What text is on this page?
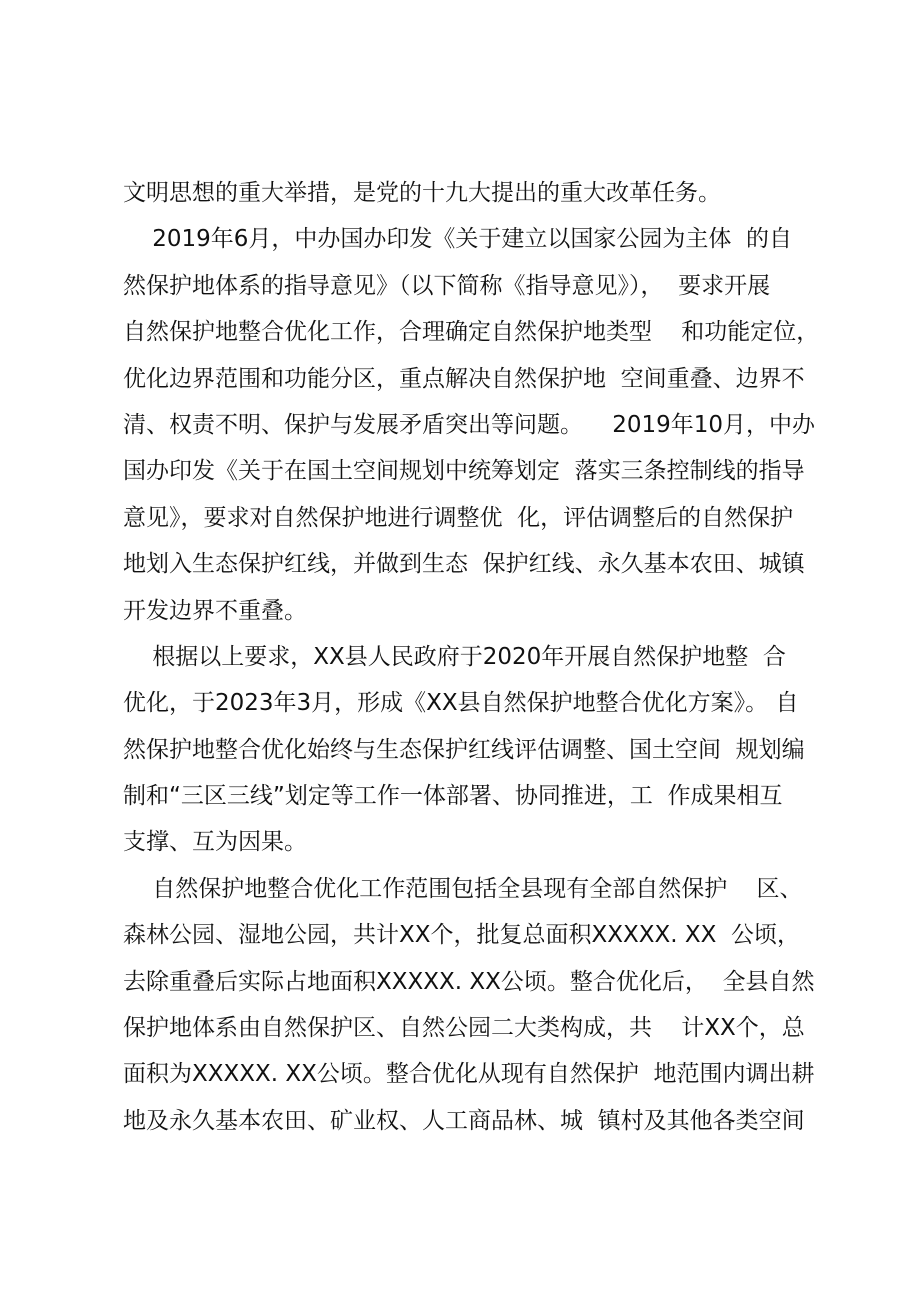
文明思想的重大举措，是党的十九大提出的重大改革任务。
2019年6月，中办国办印发《关于建立以国家公园为主体  的自
然保护地体系的指导意见》（以下简称《指导意见》），  要求开展
自然保护地整合优化工作，合理确定自然保护地类型    和功能定位，
优化边界范围和功能分区，重点解决自然保护地  空间重叠、边界不
清、权责不明、保护与发展矛盾突出等问题。    2019年10月，中办
国办印发《关于在国土空间规划中统筹划定  落实三条控制线的指导
意见》，要求对自然保护地进行调整优  化，评估调整后的自然保护
地划入生态保护红线，并做到生态  保护红线、永久基本农田、城镇
开发边界不重叠。
根据以上要求，XX县人民政府于2020年开展自然保护地整  合
优化，于2023年3月，形成《XX县自然保护地整合优化方案》。 自
然保护地整合优化始终与生态保护红线评估调整、国土空间  规划编
制和“三区三线”划定等工作一体部署、协同推进，工  作成果相互
支撑、互为因果。
自然保护地整合优化工作范围包括全县现有全部自然保护    区、
森林公园、湿地公园，共计XX个，批复总面积XXXXX. XX  公顷，
去除重叠后实际占地面积XXXXX. XX公顷。整合优化后，  全县自然
保护地体系由自然保护区、自然公园二大类构成，共    计XX个，总
面积为XXXXX. XX公顷。整合优化从现有自然保护  地范围内调出耕
地及永久基本农田、矿业权、人工商品林、城  镇村及其他各类空间
